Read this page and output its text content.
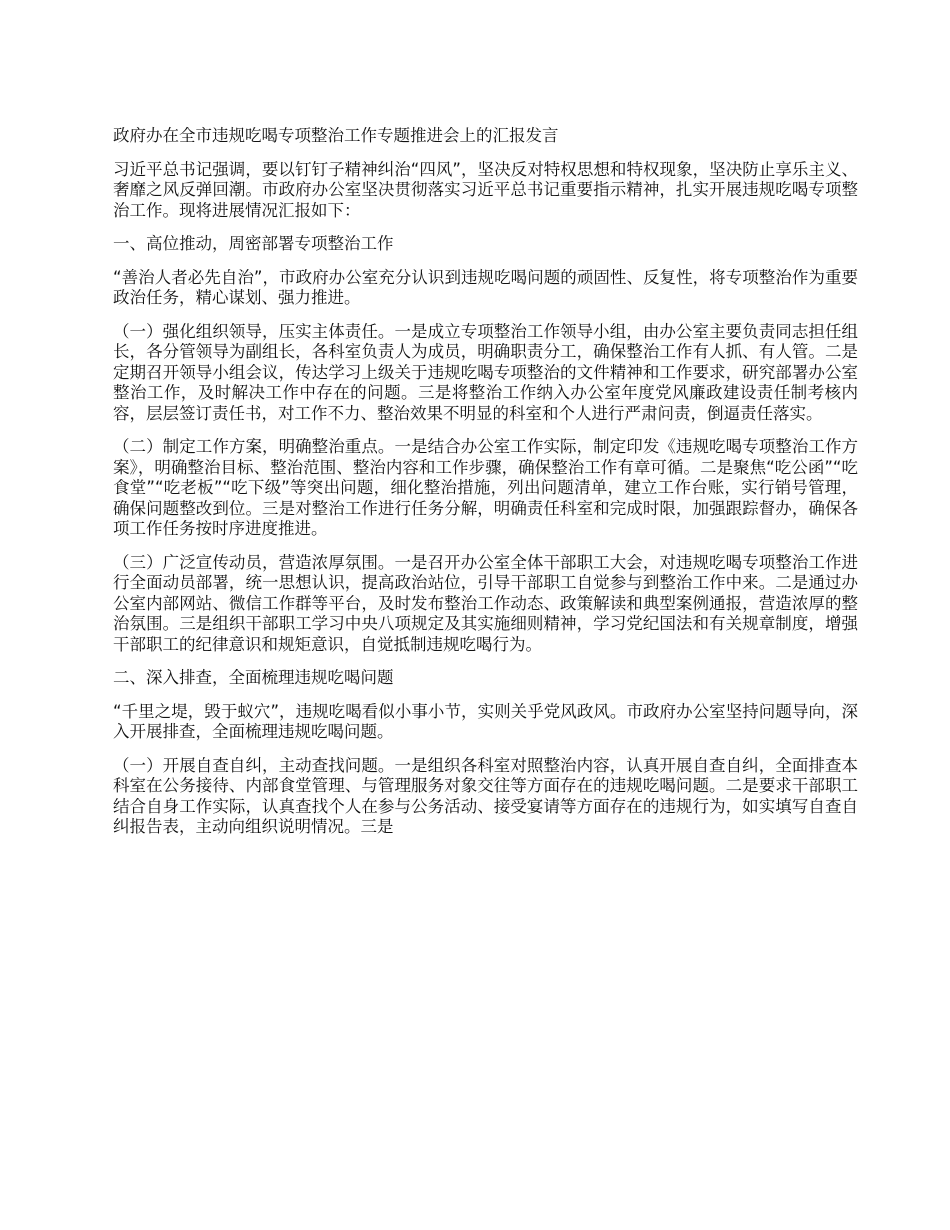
政府办在全市违规吃喝专项整治工作专题推进会上的汇报发言
习近平总书记强调，要以钉钉子精神纠治“四风”，坚决反对特权思想和特权现象，坚决防止享乐主义、奢靡之风反弹回潮。市政府办公室坚决贯彻落实习近平总书记重要指示精神，扎实开展违规吃喝专项整治工作。现将进展情况汇报如下：
一、高位推动，周密部署专项整治工作
“善治人者必先自治”，市政府办公室充分认识到违规吃喝问题的顽固性、反复性，将专项整治作为重要政治任务，精心谋划、强力推进。
（一）强化组织领导，压实主体责任。一是成立专项整治工作领导小组，由办公室主要负责同志担任组长，各分管领导为副组长，各科室负责人为成员，明确职责分工，确保整治工作有人抓、有人管。二是定期召开领导小组会议，传达学习上级关于违规吃喝专项整治的文件精神和工作要求，研究部署办公室整治工作，及时解决工作中存在的问题。三是将整治工作纳入办公室年度党风廉政建设责任制考核内容，层层签订责任书，对工作不力、整治效果不明显的科室和个人进行严肃问责，倒逼责任落实。
（二）制定工作方案，明确整治重点。一是结合办公室工作实际，制定印发《违规吃喝专项整治工作方案》，明确整治目标、整治范围、整治内容和工作步骤，确保整治工作有章可循。二是聚焦“吃公函”“吃食堂”“吃老板”“吃下级”等突出问题，细化整治措施，列出问题清单，建立工作台账，实行销号管理，确保问题整改到位。三是对整治工作进行任务分解，明确责任科室和完成时限，加强跟踪督办，确保各项工作任务按时序进度推进。
（三）广泛宣传动员，营造浓厚氛围。一是召开办公室全体干部职工大会，对违规吃喝专项整治工作进行全面动员部署，统一思想认识，提高政治站位，引导干部职工自觉参与到整治工作中来。二是通过办公室内部网站、微信工作群等平台，及时发布整治工作动态、政策解读和典型案例通报，营造浓厚的整治氛围。三是组织干部职工学习中央八项规定及其实施细则精神，学习党纪国法和有关规章制度，增强干部职工的纪律意识和规矩意识，自觉抵制违规吃喝行为。
二、深入排查，全面梳理违规吃喝问题
“千里之堤，毁于蚁穴”，违规吃喝看似小事小节，实则关乎党风政风。市政府办公室坚持问题导向，深入开展排查，全面梳理违规吃喝问题。
（一）开展自查自纠，主动查找问题。一是组织各科室对照整治内容，认真开展自查自纠，全面排查本科室在公务接待、内部食堂管理、与管理服务对象交往等方面存在的违规吃喝问题。二是要求干部职工结合自身工作实际，认真查找个人在参与公务活动、接受宴请等方面存在的违规行为，如实填写自查自纠报告表，主动向组织说明情况。三是
